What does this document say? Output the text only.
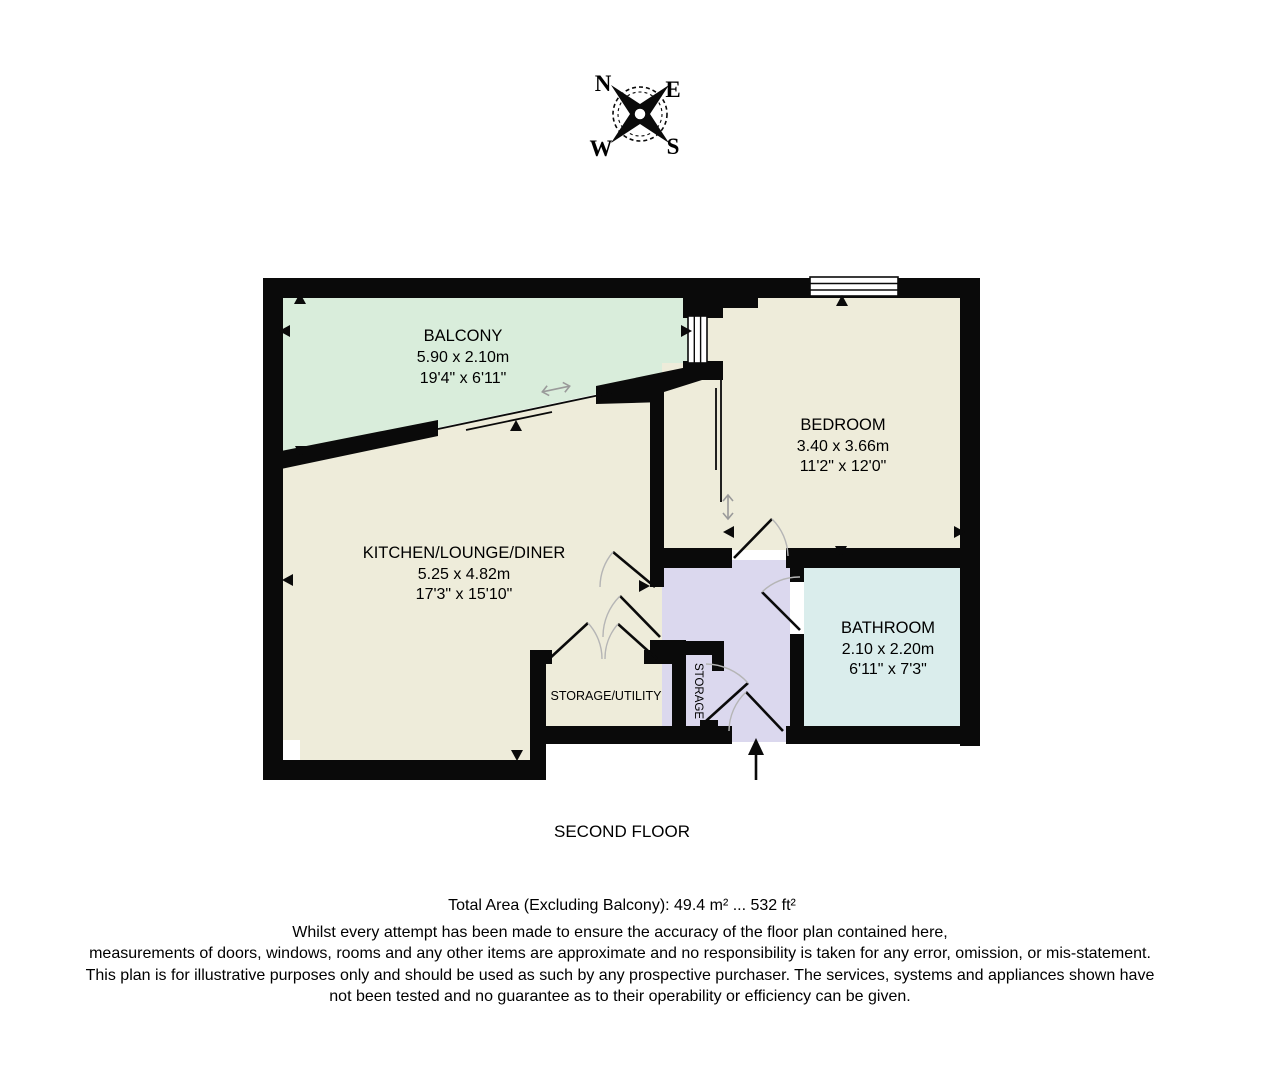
N E
W S
BALCONY
5.90 x 2.10m
19'4" x 6'11"
KITCHEN/LOUNGE/DINER
5.25 x 4.82m
17'3" x 15'10"
BEDROOM
3.40 x 3.66m
11'2" x 12'0"
BATHROOM
2.10 x 2.20m
6'11" x 7'3"
STORAGE/UTILITY	STORAGE
SECOND FLOOR
Total Area (Excluding Balcony): 49.4 m² ... 532 ft²
Whilst every attempt has been made to ensure the accuracy of the floor plan contained here,
measurements of doors, windows, rooms and any other items are approximate and no responsibility is taken for any error, omission, or mis-statement.
This plan is for illustrative purposes only and should be used as such by any prospective purchaser. The services, systems and appliances shown have
not been tested and no guarantee as to their operability or efficiency can be given.
